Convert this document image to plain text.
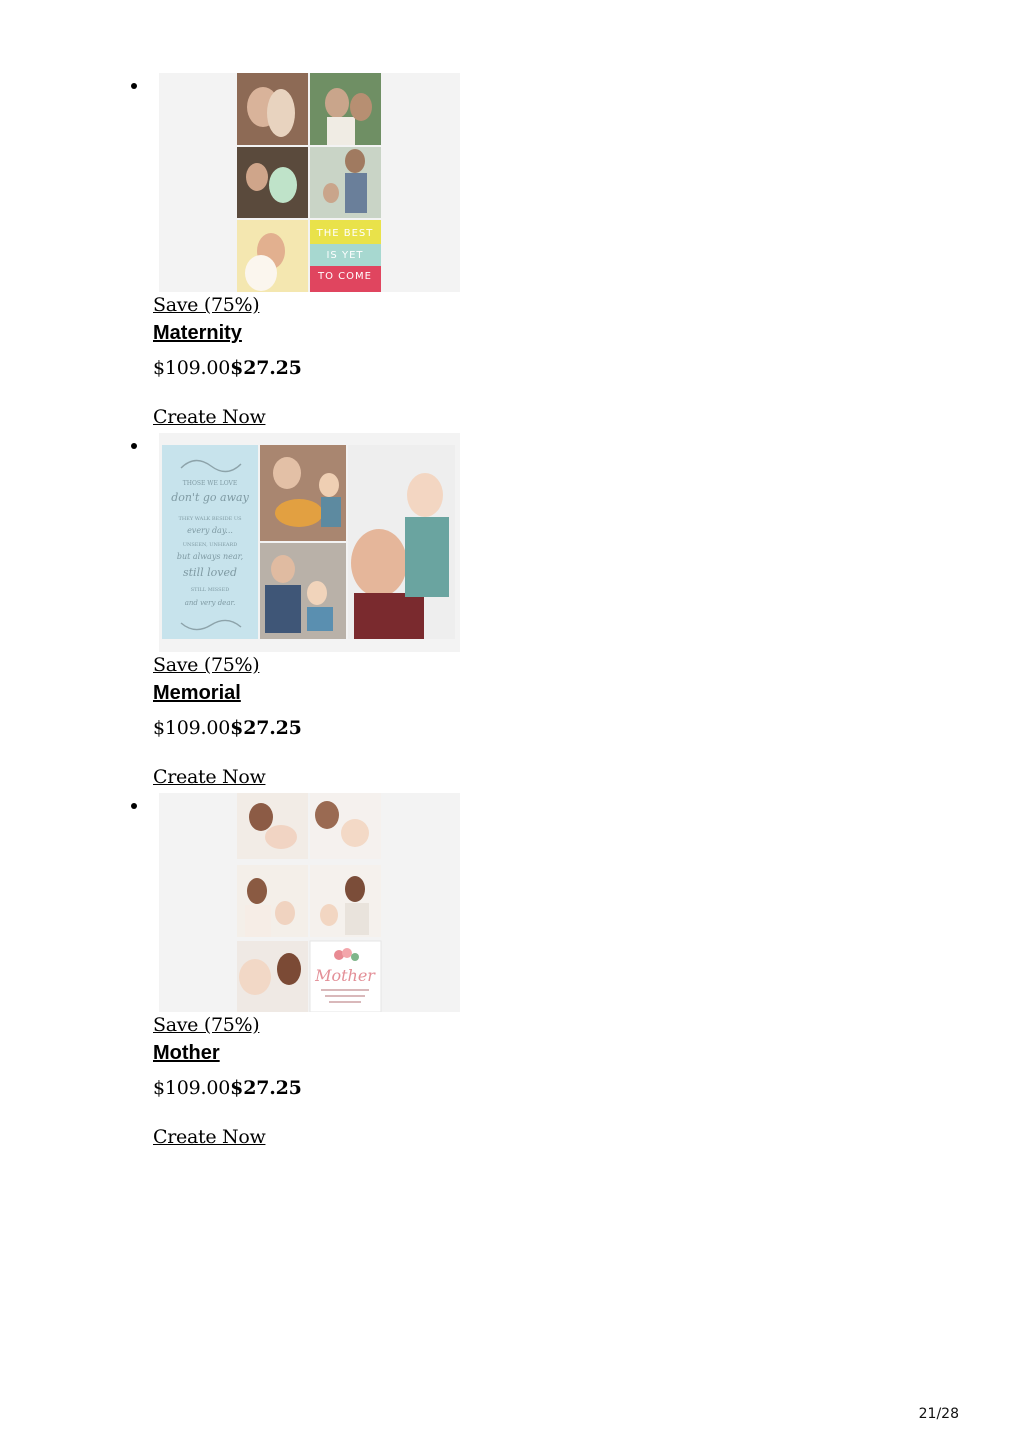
THE BEST
IS YET
TO COME
Save (75%)
Maternity

$109.00$27.25

Create Now
THOSE WE LOVE
don't go away
THEY WALK BESIDE US
every day...
UNSEEN, UNHEARD
but always near,
still loved
STILL MISSED
and very dear.
Save (75%)
Memorial

$109.00$27.25

Create Now
Mother
Save (75%)
Mother

$109.00$27.25

Create Now
21/28
